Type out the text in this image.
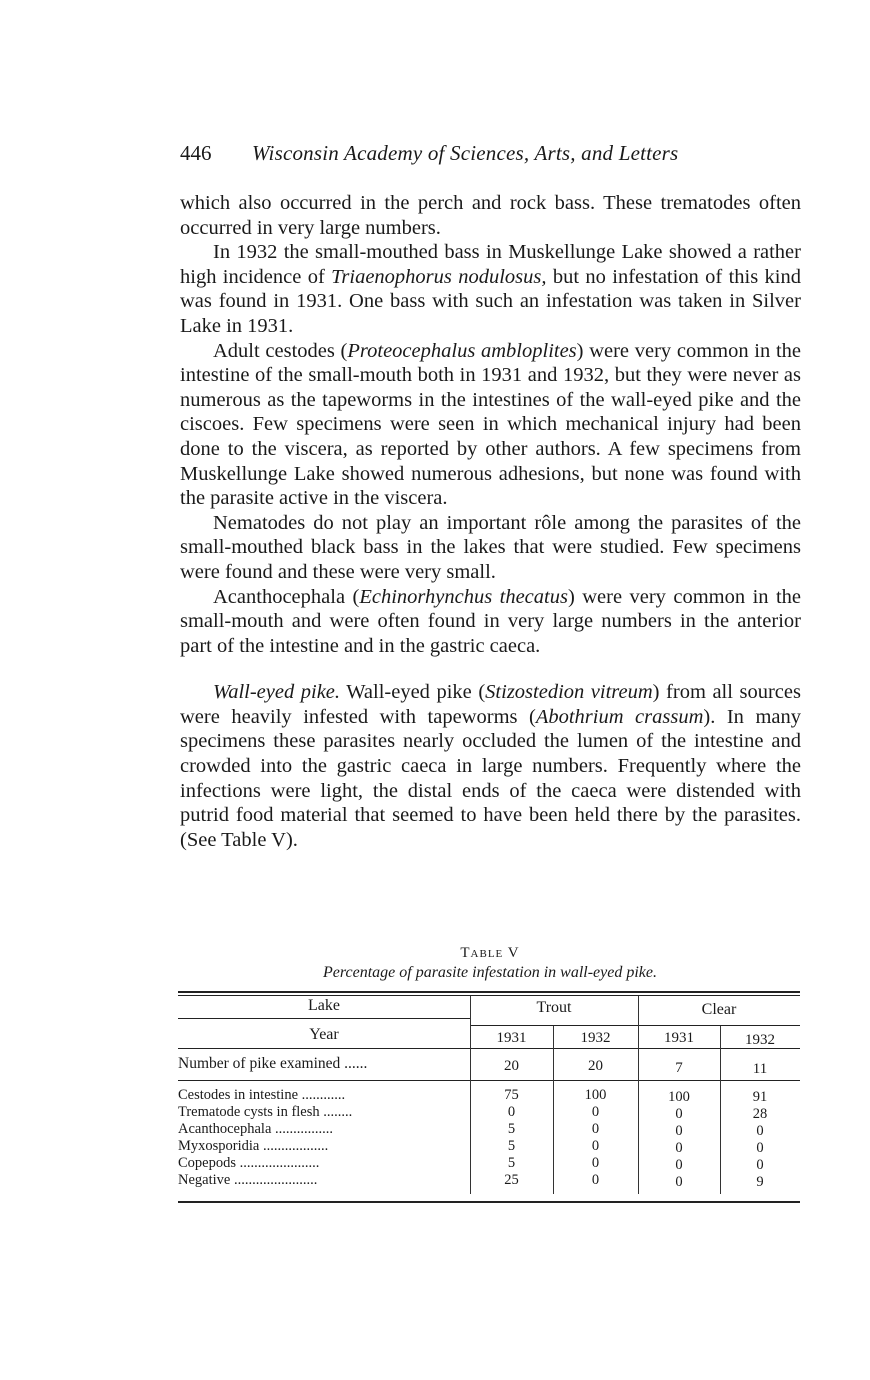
446 Wisconsin Academy of Sciences, Arts, and Letters

which also occurred in the perch and rock bass. These trematodes often occurred in very large numbers.

In 1932 the small-mouthed bass in Muskellunge Lake showed a rather high incidence of Triaenophorus nodulosus, but no infestation of this kind was found in 1931. One bass with such an infestation was taken in Silver Lake in 1931.

Adult cestodes (Proteocephalus ambloplites) were very common in the intestine of the small-mouth both in 1931 and 1932, but they were never as numerous as the tapeworms in the intestines of the wall-eyed pike and the ciscoes. Few specimens were seen in which mechanical injury had been done to the viscera, as reported by other authors. A few specimens from Muskellunge Lake showed numerous adhesions, but none was found with the parasite active in the viscera.

Nematodes do not play an important rôle among the parasites of the small-mouthed black bass in the lakes that were studied. Few specimens were found and these were very small.

Acanthocephala (Echinorhynchus thecatus) were very common in the small-mouth and were often found in very large numbers in the anterior part of the intestine and in the gastric caeca.

Wall-eyed pike. Wall-eyed pike (Stizostedion vitreum) from all sources were heavily infested with tapeworms (Abothrium crassum). In many specimens these parasites nearly occluded the lumen of the intestine and crowded into the gastric caeca in large numbers. Frequently where the infections were light, the distal ends of the caeca were distended with putrid food material that seemed to have been held there by the parasites. (See Table V).

Table V
Percentage of parasite infestation in wall-eyed pike.
Lake	Trout	Clear
Year	1931	1932	1931	1932
Number of pike examined ......	20	20	7	11
Cestodes in intestine ............	75	100	100	91
Trematode cysts in flesh ........	0	0	0	28
Acanthocephala ................	5	0	0	0
Myxosporidia ..................	5	0	0	0
Copepods ......................	5	0	0	0
Negative .......................	25	0	0	9
